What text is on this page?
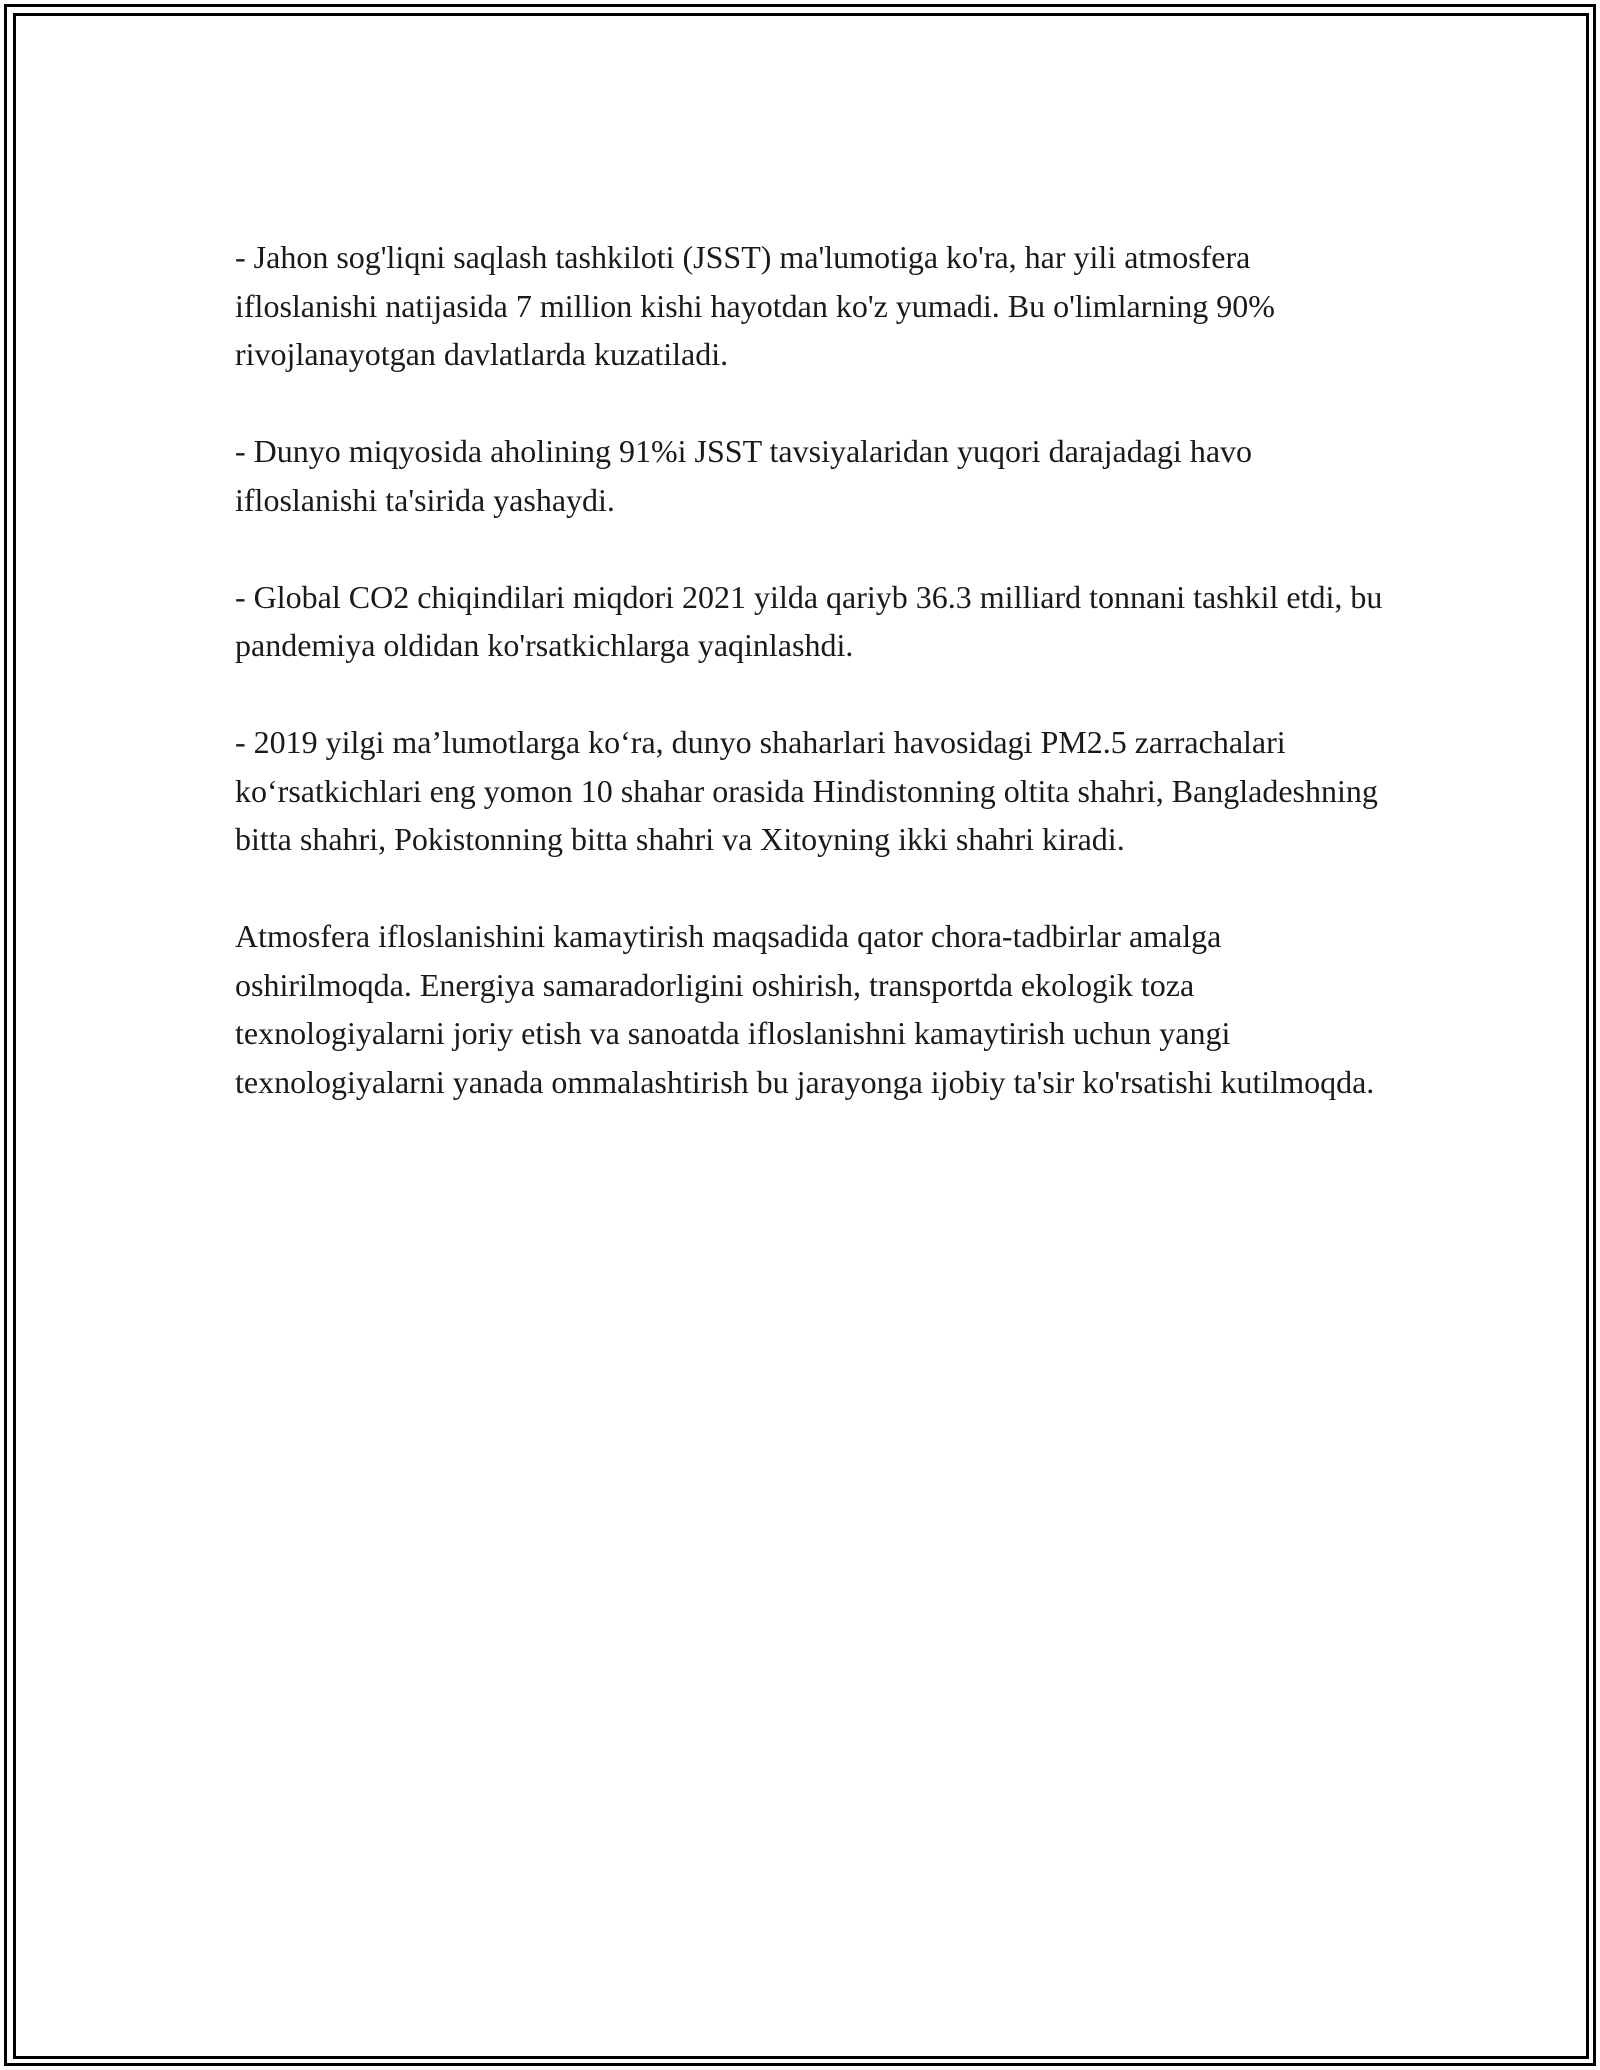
- Jahon sog'liqni saqlash tashkiloti (JSST) ma'lumotiga ko'ra, har yili atmosfera ifloslanishi natijasida 7 million kishi hayotdan ko'z yumadi. Bu o'limlarning 90% rivojlanayotgan davlatlarda kuzatiladi.

- Dunyo miqyosida aholining 91%i JSST tavsiyalaridan yuqori darajadagi havo ifloslanishi ta'sirida yashaydi.

- Global CO2 chiqindilari miqdori 2021 yilda qariyb 36.3 milliard tonnani tashkil etdi, bu pandemiya oldidan ko'rsatkichlarga yaqinlashdi.

- 2019 yilgi ma’lumotlarga ko‘ra, dunyo shaharlari havosidagi PM2.5 zarrachalari ko‘rsatkichlari eng yomon 10 shahar orasida Hindistonning oltita shahri, Bangladeshning bitta shahri, Pokistonning bitta shahri va Xitoyning ikki shahri kiradi.

Atmosfera ifloslanishini kamaytirish maqsadida qator chora-tadbirlar amalga oshirilmoqda. Energiya samaradorligini oshirish, transportda ekologik toza texnologiyalarni joriy etish va sanoatda ifloslanishni kamaytirish uchun yangi texnologiyalarni yanada ommalashtirish bu jarayonga ijobiy ta'sir ko'rsatishi kutilmoqda.
